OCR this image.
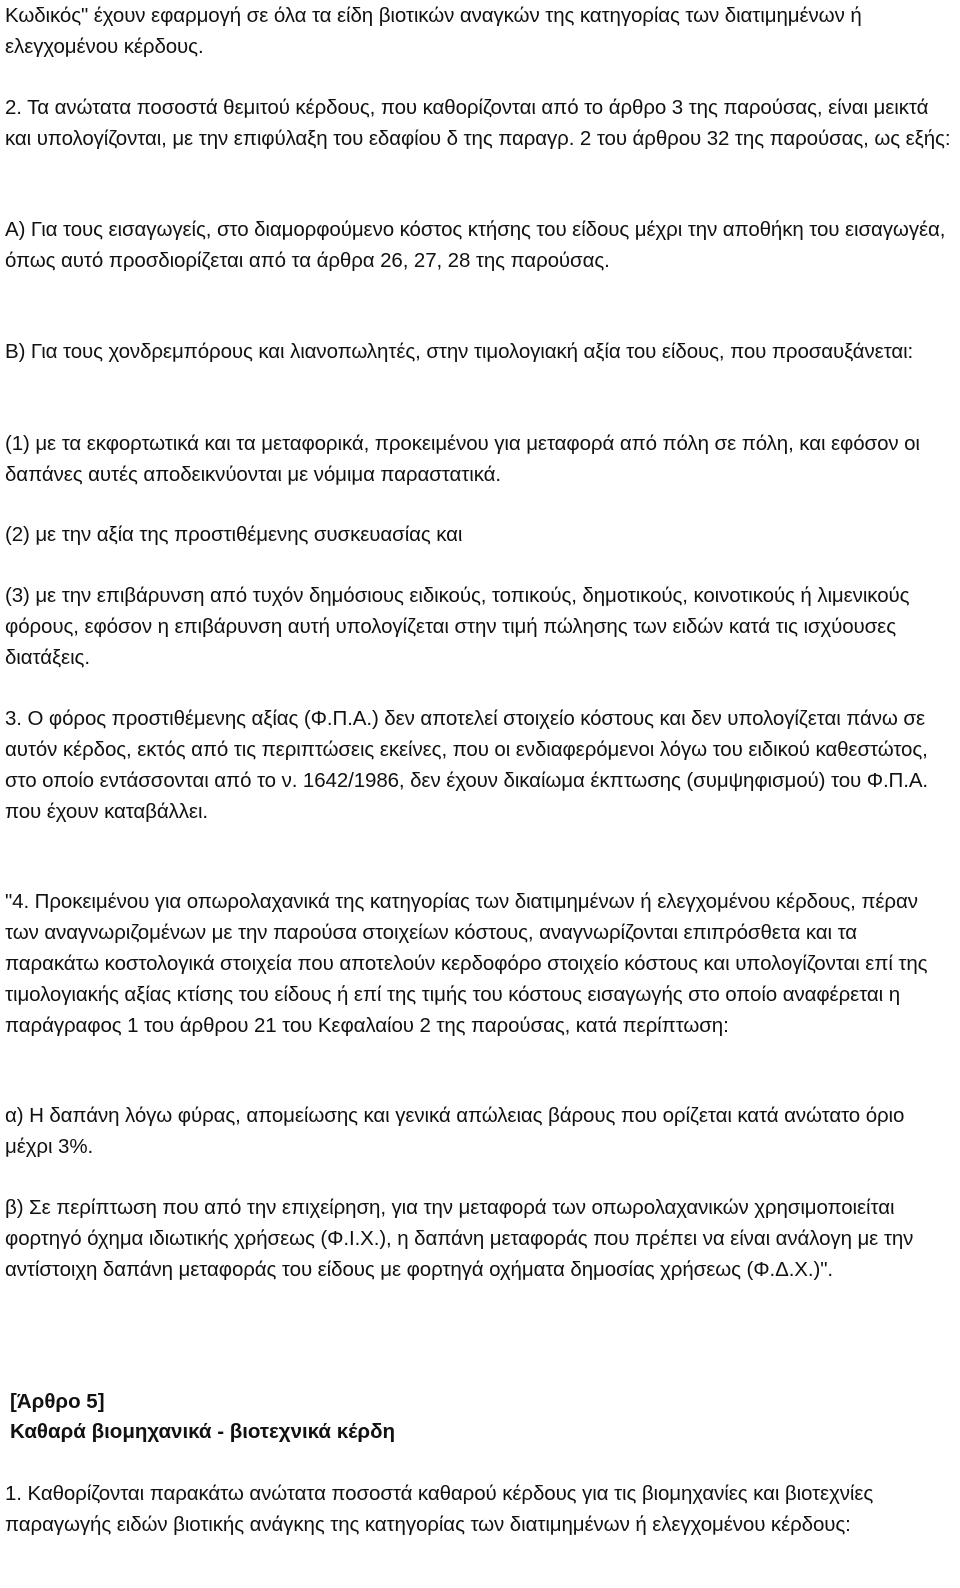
Κωδικός" έχουν εφαρμογή σε όλα τα είδη βιοτικών αναγκών της κατηγορίας των διατιμημένων ή ελεγχομένου κέρδους.

2. Τα ανώτατα ποσοστά θεμιτού κέρδους, που καθορίζονται από το άρθρο 3 της παρούσας, είναι μεικτά και υπολογίζονται, με την επιφύλαξη του εδαφίου δ της παραγρ. 2 του άρθρου 32 της παρούσας, ως εξής:

Α) Για τους εισαγωγείς, στο διαμορφούμενο κόστος κτήσης του είδους μέχρι την αποθήκη του εισαγωγέα, όπως αυτό προσδιορίζεται από τα άρθρα 26, 27, 28 της παρούσας.

Β) Για τους χονδρεμπόρους και λιανοπωλητές, στην τιμολογιακή αξία του είδους, που προσαυξάνεται:

(1) με τα εκφορτωτικά και τα μεταφορικά, προκειμένου για μεταφορά από πόλη σε πόλη, και εφόσον οι δαπάνες αυτές αποδεικνύονται με νόμιμα παραστατικά.

(2) με την αξία της προστιθέμενης συσκευασίας και

(3) με την επιβάρυνση από τυχόν δημόσιους ειδικούς, τοπικούς, δημοτικούς, κοινοτικούς ή λιμενικούς φόρους, εφόσον η επιβάρυνση αυτή υπολογίζεται στην τιμή πώλησης των ειδών κατά τις ισχύουσες διατάξεις.

3. Ο φόρος προστιθέμενης αξίας (Φ.Π.Α.) δεν αποτελεί στοιχείο κόστους και δεν υπολογίζεται πάνω σε αυτόν κέρδος, εκτός από τις περιπτώσεις εκείνες, που οι ενδιαφερόμενοι λόγω του ειδικού καθεστώτος, στο οποίο εντάσσονται από το ν. 1642/1986, δεν έχουν δικαίωμα έκπτωσης (συμψηφισμού) του Φ.Π.Α. που έχουν καταβάλλει.

"4. Προκειμένου για οπωρολαχανικά της κατηγορίας των διατιμημένων ή ελεγχομένου κέρδους, πέραν των αναγνωριζομένων με την παρούσα στοιχείων κόστους, αναγνωρίζονται επιπρόσθετα και τα παρακάτω κοστολογικά στοιχεία που αποτελούν κερδοφόρο στοιχείο κόστους και υπολογίζονται επί της τιμολογιακής αξίας κτίσης του είδους ή επί της τιμής του κόστους εισαγωγής στο οποίο αναφέρεται η παράγραφος 1 του άρθρου 21 του Κεφαλαίου 2 της παρούσας, κατά περίπτωση:

α) Η δαπάνη λόγω φύρας, απομείωσης και γενικά απώλειας βάρους που ορίζεται κατά ανώτατο όριο μέχρι 3%.

β) Σε περίπτωση που από την επιχείρηση, για την μεταφορά των οπωρολαχανικών χρησιμοποιείται φορτηγό όχημα ιδιωτικής χρήσεως (Φ.Ι.Χ.), η δαπάνη μεταφοράς που πρέπει να είναι ανάλογη με την αντίστοιχη δαπάνη μεταφοράς του είδους με φορτηγά οχήματα δημοσίας χρήσεως (Φ.Δ.Χ.)".

[Άρθρο 5]
Καθαρά βιομηχανικά - βιοτεχνικά κέρδη

1. Καθορίζονται παρακάτω ανώτατα ποσοστά καθαρού κέρδους για τις βιομηχανίες και βιοτεχνίες παραγωγής ειδών βιοτικής ανάγκης της κατηγορίας των διατιμημένων ή ελεγχομένου κέρδους:
